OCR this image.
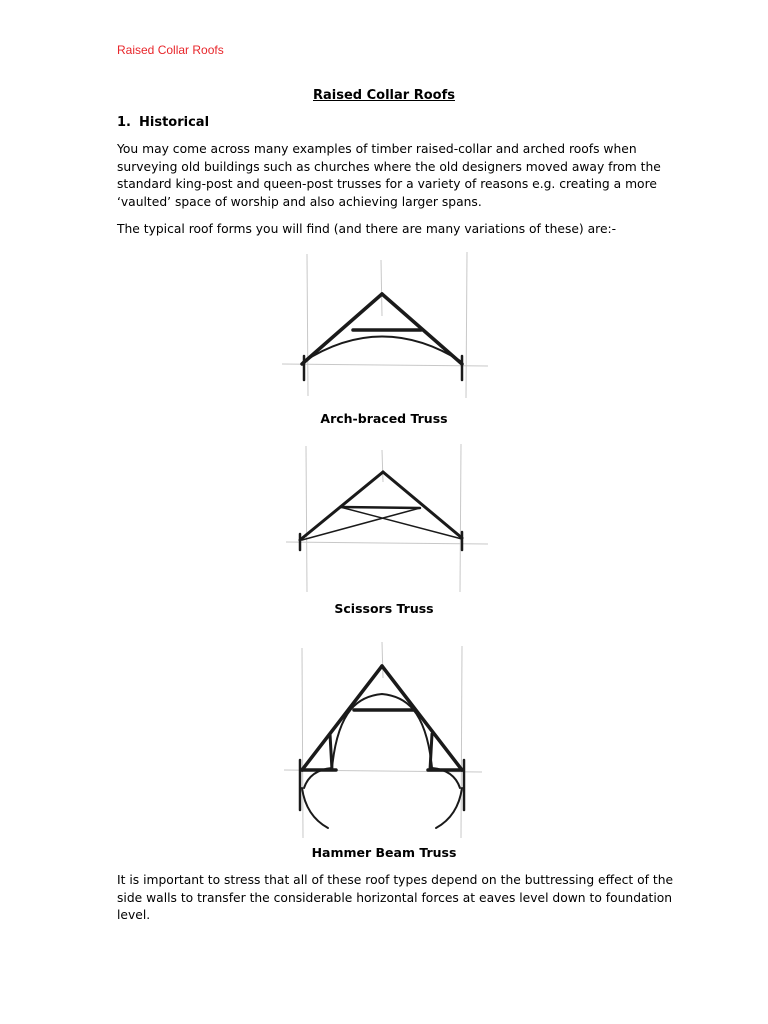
Raised Collar Roofs
Raised Collar Roofs
1. Historical
You may come across many examples of timber raised-collar and arched roofs when
surveying old buildings such as churches where the old designers moved away from the
standard king-post and queen-post trusses for a variety of reasons e.g. creating a more
‘vaulted’ space of worship and also achieving larger spans.
The typical roof forms you will find (and there are many variations of these) are:-
Arch-braced Truss
Scissors Truss
Hammer Beam Truss
It is important to stress that all of these roof types depend on the buttressing effect of the
side walls to transfer the considerable horizontal forces at eaves level down to foundation
level.
